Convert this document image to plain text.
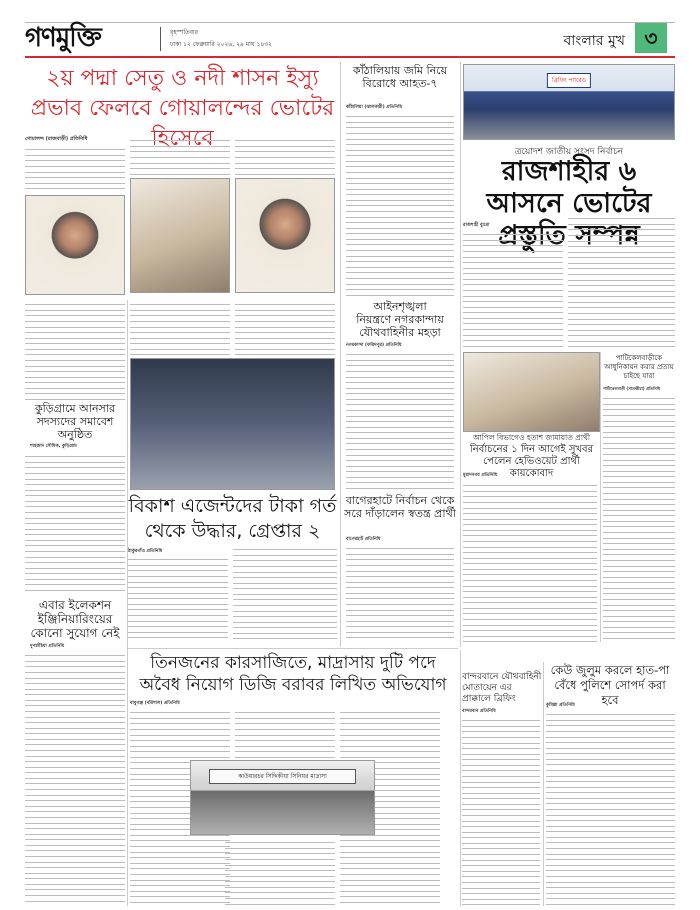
গণমুক্তি	বৃহস্পতিবার
ঢাকা ১২ ফেব্রুয়ারি ২০২৬, ২৯ মাঘ ১৪৩২	বাংলার মুখ ৩
২য় পদ্মা সেতু ও নদী শাসন ইস্যু প্রভাব ফেলবে গোয়ালন্দের ভোটের হিসেবে
গোয়ালন্দ (রাজবাড়ী) প্রতিনিধি
কাঁঠালিয়ায় জমি নিয়ে বিরোধে আহত-৭
কাঁঠালিয়া (ঝালকাঠী) প্রতিনিধি
ব্রিফিং প্যারেড
ত্রয়োদশ জাতীয় সংসদ নির্বাচন
রাজশাহীর ৬ আসনে ভোটের প্রস্তুতি সম্পন্ন
রাজশাহী ব্যুরো
কুড়িগ্রামে আনসার সদস্যদের সমাবেশ অনুষ্ঠিত
শাহজাদ সৌমিক, কুড়িগ্রাম
আইনশৃঙ্খলা
নিয়ন্ত্রণে নগরকান্দায় যৌথবাহিনীর মহড়া
নগরকান্দা (ফরিদপুর) প্রতিনিধি
বিকাশ এজেন্টদের টাকা গর্ত থেকে উদ্ধার, গ্রেপ্তার ২
ঠাকুরগাঁও প্রতিনিধি
বাগেরহাটে নির্বাচন থেকে সরে দাঁড়ালেন স্বতন্ত্র প্রার্থী
বাগেরহাট প্রতিনিধি
পাটিকেলবাড়ীকে আধুনিকায়ন করার প্রত্যয় চাইছে যারা
পাটিকেলবাড়ী (সাতক্ষীরা) প্রতিনিধি
আপিল বিভাগেও হতাশ জামায়াত প্রার্থী
নির্বাচনের ১ দিন আগেই সুখবর পেলেন হেভিওয়েট প্রার্থী কায়কোবাদ
মুরাদনগর প্রতিনিধি
এবার ইলেকশন ইঞ্জিনিয়ারিংয়ের কোনো সুযোগ নেই
দুপচাঁচিয়া প্রতিনিধি
তিনজনের কারসাজিতে, মাদ্রাসায় দুটি পদে অবৈধ নিয়োগ ডিজি বরাবর লিখিত অভিযোগ
বাবুগঞ্জ (বরিশাল) প্রতিনিধি
কাউয়ারচর সিদ্দিকীয়া সিনিয়র মাদ্রাসা
বান্দরবানে যৌথবাহিনী মোতায়েন এর প্রাক্কালে ব্রিফিং
বান্দরবান প্রতিনিধি
কেউ জুলুম করলে হাত-পা বেঁধে পুলিশে সোপর্দ করা হবে
কুমিল্লা প্রতিনিধি
